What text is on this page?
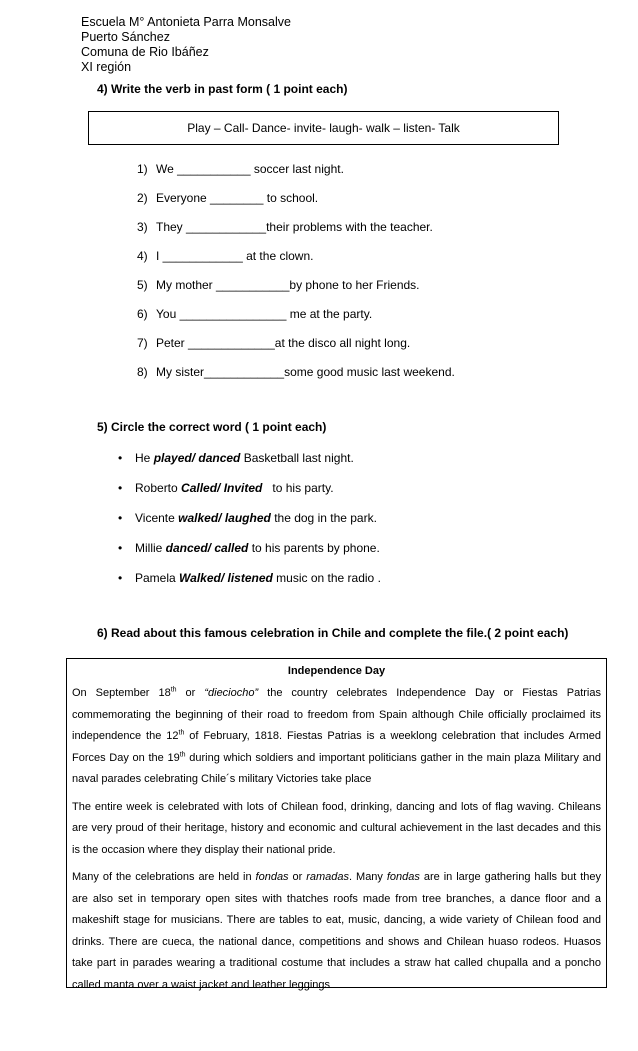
Escuela M° Antonieta Parra Monsalve
Puerto Sánchez
Comuna de Rio Ibáñez
XI región
4) Write the verb in past form ( 1 point each)
Play – Call- Dance- invite- laugh- walk – listen- Talk
1) We ___________ soccer last night.
2) Everyone ________ to school.
3) They ____________their problems with the teacher.
4) I ____________ at the clown.
5) My mother ___________by phone to her Friends.
6) You ________________ me at the party.
7) Peter _____________at the disco all night long.
8) My sister____________some good music last weekend.
5) Circle the correct word ( 1 point each)
•	He played/ danced Basketball last night.
•	Roberto Called/ Invited   to his party.
•	Vicente walked/ laughed the dog in the park.
•	Millie danced/ called to his parents by phone.
•	Pamela Walked/ listened music on the radio .
6) Read about this famous celebration in Chile and complete the file.( 2 point each)
Independence Day

On September 18th or “dieciocho” the country celebrates Independence Day or Fiestas Patrias commemorating the beginning of their road to freedom from Spain although Chile officially proclaimed its independence the 12th of February, 1818. Fiestas Patrias is a weeklong celebration that includes Armed Forces Day on the 19th during which soldiers and important politicians gather in the main plaza Military and naval parades celebrating Chile´s military Victories take place

The entire week is celebrated with lots of Chilean food, drinking, dancing and lots of flag waving. Chileans are very proud of their heritage, history and economic and cultural achievement in the last decades and this is the occasion where they display their national pride.

Many of the celebrations are held in fondas or ramadas. Many fondas are in large gathering halls but they are also set in temporary open sites with thatches roofs made from tree branches, a dance floor and a makeshift stage for musicians. There are tables to eat, music, dancing, a wide variety of Chilean food and drinks. There are cueca, the national dance, competitions and shows and Chilean huaso rodeos. Huasos take part in parades wearing a traditional costume that includes a straw hat called chupalla and a poncho called manta over a waist jacket and leather leggings
